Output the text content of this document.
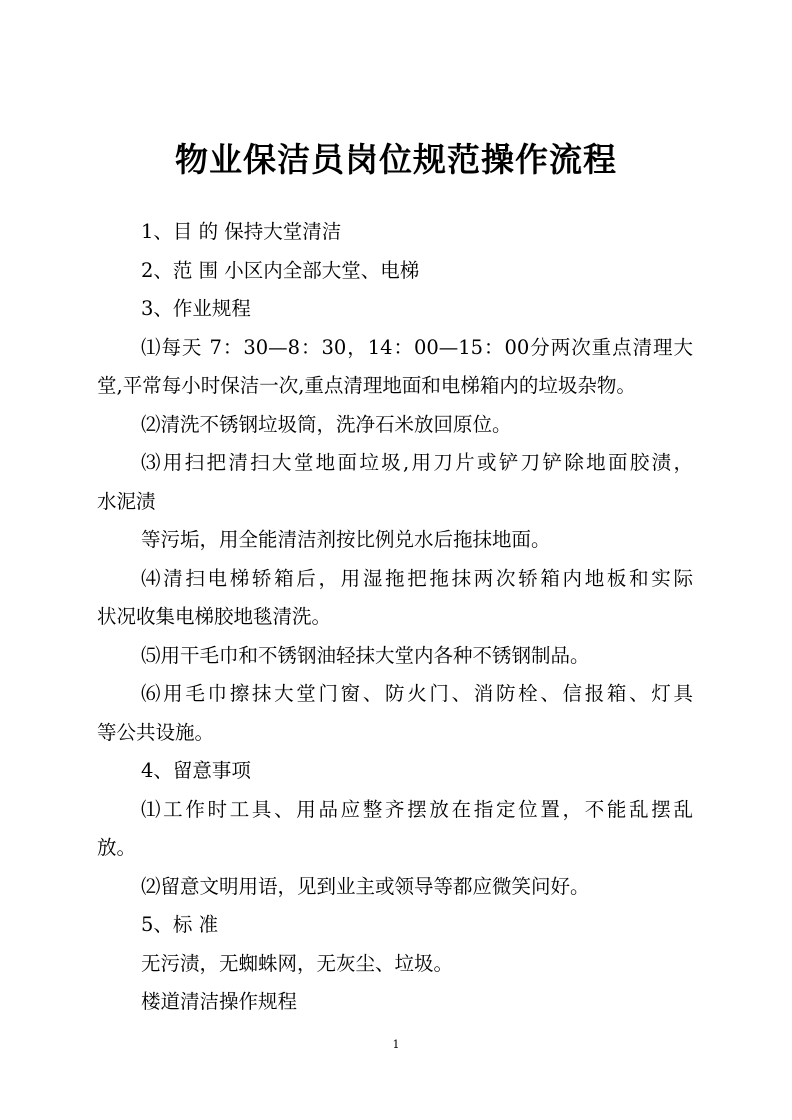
物业保洁员岗位规范操作流程
1、目 的 保持大堂清洁
2、范 围 小区内全部大堂、电梯
3、作业规程
⑴每天 7：30—8：30，14：00—15：00分两次重点清理大
堂,平常每小时保洁一次,重点清理地面和电梯箱内的垃圾杂物。
⑵清洗不锈钢垃圾筒，洗净石米放回原位。
⑶用扫把清扫大堂地面垃圾,用刀片或铲刀铲除地面胶渍，
水泥渍
等污垢，用全能清洁剂按比例兑水后拖抹地面。
⑷清扫电梯轿箱后，用湿拖把拖抹两次轿箱内地板和实际
状况收集电梯胶地毯清洗。
⑸用干毛巾和不锈钢油轻抹大堂内各种不锈钢制品。
⑹用毛巾擦抹大堂门窗、防火门、消防栓、信报箱、灯具
等公共设施。
4、留意事项
⑴工作时工具、用品应整齐摆放在指定位置，不能乱摆乱
放。
⑵留意文明用语，见到业主或领导等都应微笑问好。
5、标 准
无污渍，无蜘蛛网，无灰尘、垃圾。
楼道清洁操作规程
1
